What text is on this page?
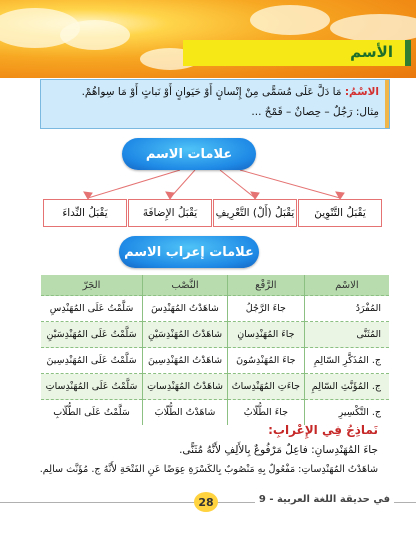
الأسم
الاسْمُ: مَا دَلَّ عَلَى مُسَمًّى مِنْ إِنْسانٍ أَوْ حَيَوانٍ أَوْ نَباتٍ أَوْ مَا سِواهُمْ.
مِثال: رَجُلٌ – حِصانٌ – قَمْحٌ ...
علامات الاسم
يَقْبَلُ التَّنْوِينَ
يَقْبَلُ (أَلْ) التَّعْرِيفِ
يَقْبَلُ الإِضافَةَ
يَقْبَلُ النِّداءَ
علامات إعراب الاسم
الاسْم	الرَّفْع	النَّصْب	الجَرّ
المُفْرَدُ	جاءَ الرَّجُلُ	شاهَدْتُ المُهَنْدِسَ	سَلَّمْتُ عَلَى المُهَنْدِسِ
المُثَنَّى	جاءَ المُهَنْدِسانِ	شاهَدْتُ المُهَنْدِسَيْنِ	سَلَّمْتُ عَلَى المُهَنْدِسَيْنِ
ج. المُذَكَّرِ السّالِمِ	جاءَ المُهَنْدِسُونَ	شاهَدْتُ المُهَنْدِسِينَ	سَلَّمْتُ عَلَى المُهَنْدِسِينَ
ج. المُؤَنَّثِ السّالِمِ	جاءَتِ المُهَنْدِساتُ	شاهَدْتُ المُهَنْدِساتِ	سَلَّمْتُ عَلَى المُهَنْدِساتِ
ج. التَّكْسِيرِ	جاءَ الطُّلّابُ	شاهَدْتُ الطُّلّابَ	سَلَّمْتُ عَلَى الطُّلّابِ
نَماذِجُ فِي الإِعْرابِ:
جاءَ المُهَنْدِسانِ: فاعِلٌ مَرْفُوعٌ بِالأَلِفِ لأَنَّهُ مُثَنًّى.
شاهَدْتُ المُهَنْدِساتِ: مَفْعُولٌ بِهِ مَنْصُوبٌ بِالكَسْرَةِ عِوَضًا عَنِ الفَتْحَةِ لأَنَّهُ ج. مُؤَنَّث سالِم.
في حديقة اللغة العربية - 9
28
